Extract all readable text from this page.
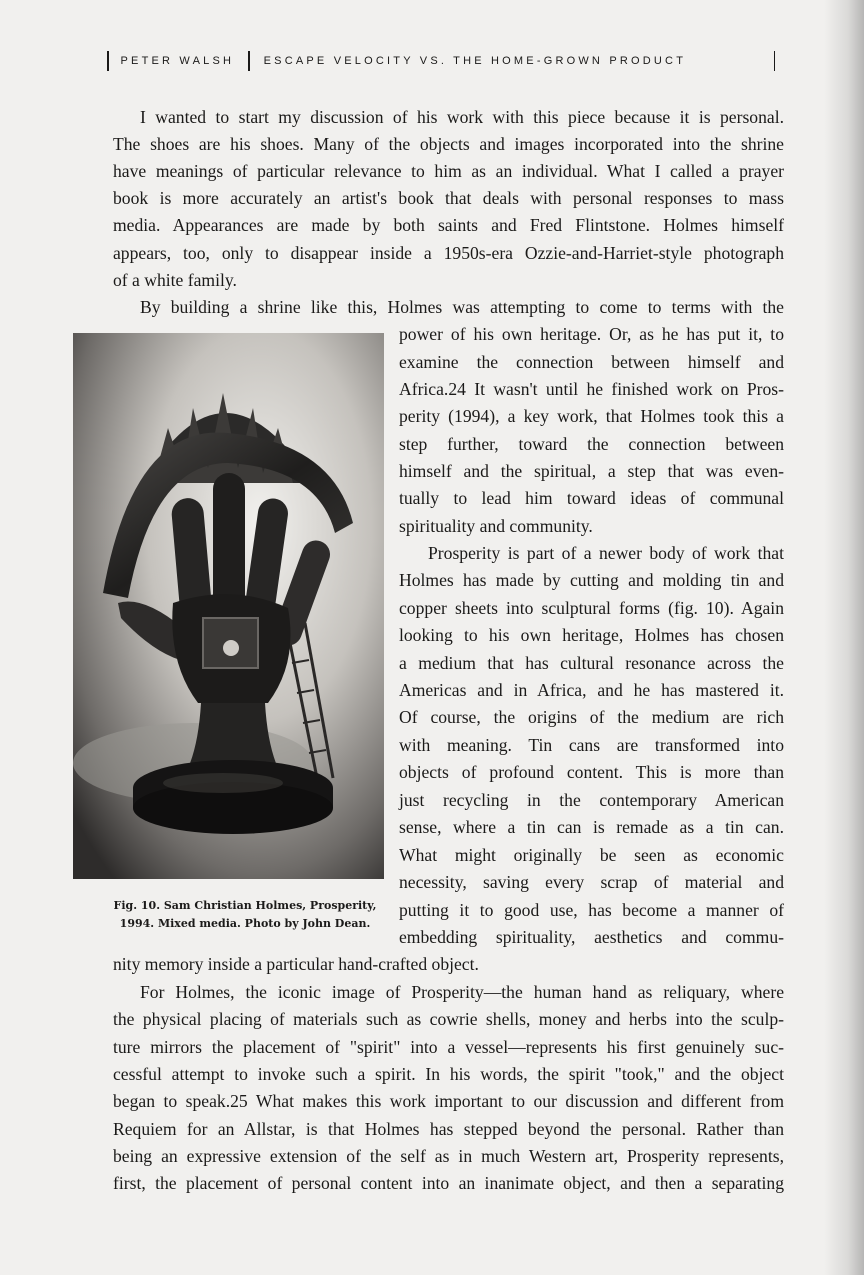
PETER WALSH	ESCAPE VELOCITY VS. THE HOME-GROWN PRODUCT
I wanted to start my discussion of his work with this piece because it is personal.
The shoes are his shoes. Many of the objects and images incorporated into the shrine
have meanings of particular relevance to him as an individual. What I called a prayer
book is more accurately an artist's book that deals with personal responses to mass
media. Appearances are made by both saints and Fred Flintstone. Holmes himself
appears, too, only to disappear inside a 1950s-era Ozzie-and-Harriet-style photograph
of a white family.
By building a shrine like this, Holmes was attempting to come to terms with the
power of his own heritage. Or, as he has put it, to
examine the connection between himself and
Africa.24 It wasn't until he finished work on Pros-
perity (1994), a key work, that Holmes took this a
step further, toward the connection between
himself and the spiritual, a step that was even-
tually to lead him toward ideas of communal
spirituality and community.
Prosperity is part of a newer body of work that
Holmes has made by cutting and molding tin and
copper sheets into sculptural forms (fig. 10). Again
looking to his own heritage, Holmes has chosen
a medium that has cultural resonance across the
Americas and in Africa, and he has mastered it.
Of course, the origins of the medium are rich
with meaning. Tin cans are transformed into
objects of profound content. This is more than
just recycling in the contemporary American
sense, where a tin can is remade as a tin can.
What might originally be seen as economic
necessity, saving every scrap of material and
putting it to good use, has become a manner of
embedding spirituality, aesthetics and commu-
nity memory inside a particular hand-crafted object.
For Holmes, the iconic image of Prosperity—the human hand as reliquary, where
the physical placing of materials such as cowrie shells, money and herbs into the sculp-
ture mirrors the placement of "spirit" into a vessel—represents his first genuinely suc-
cessful attempt to invoke such a spirit. In his words, the spirit "took," and the object
began to speak.25 What makes this work important to our discussion and different from
Requiem for an Allstar, is that Holmes has stepped beyond the personal. Rather than
being an expressive extension of the self as in much Western art, Prosperity represents,
first, the placement of personal content into an inanimate object, and then a separating
Fig. 10. Sam Christian Holmes, Prosperity,
1994. Mixed media. Photo by John Dean.
